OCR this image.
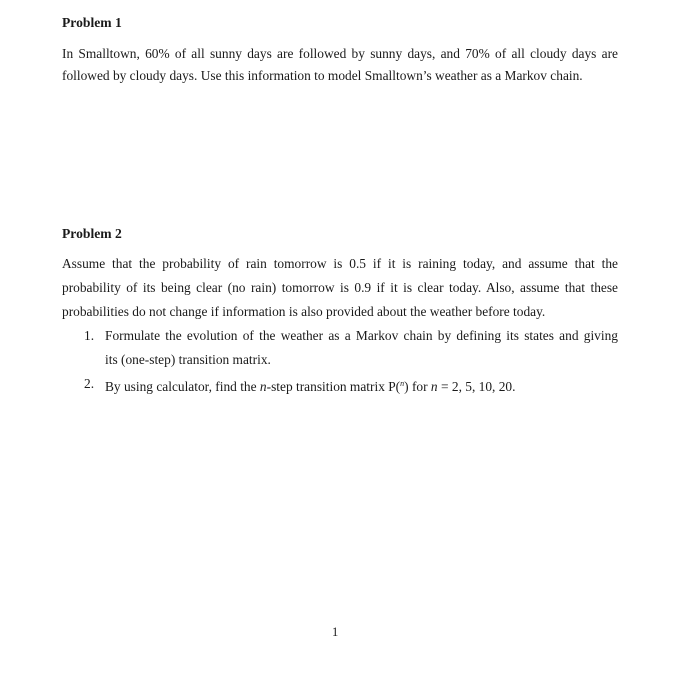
Problem 1

In Smalltown, 60% of all sunny days are followed by sunny days, and 70% of all cloudy days are
followed by cloudy days. Use this information to model Smalltown’s weather as a Markov chain.

Problem 2

Assume that the probability of rain tomorrow is 0.5 if it is raining today, and assume that the
probability of its being clear (no rain) tomorrow is 0.9 if it is clear today. Also, assume that these
probabilities do not change if information is also provided about the weather before today.

1. Formulate the evolution of the weather as a Markov chain by defining its states and giving
its (one-step) transition matrix.
2. By using calculator, find the n-step transition matrix P($^n$) for n = 2, 5, 10, 20.
1
